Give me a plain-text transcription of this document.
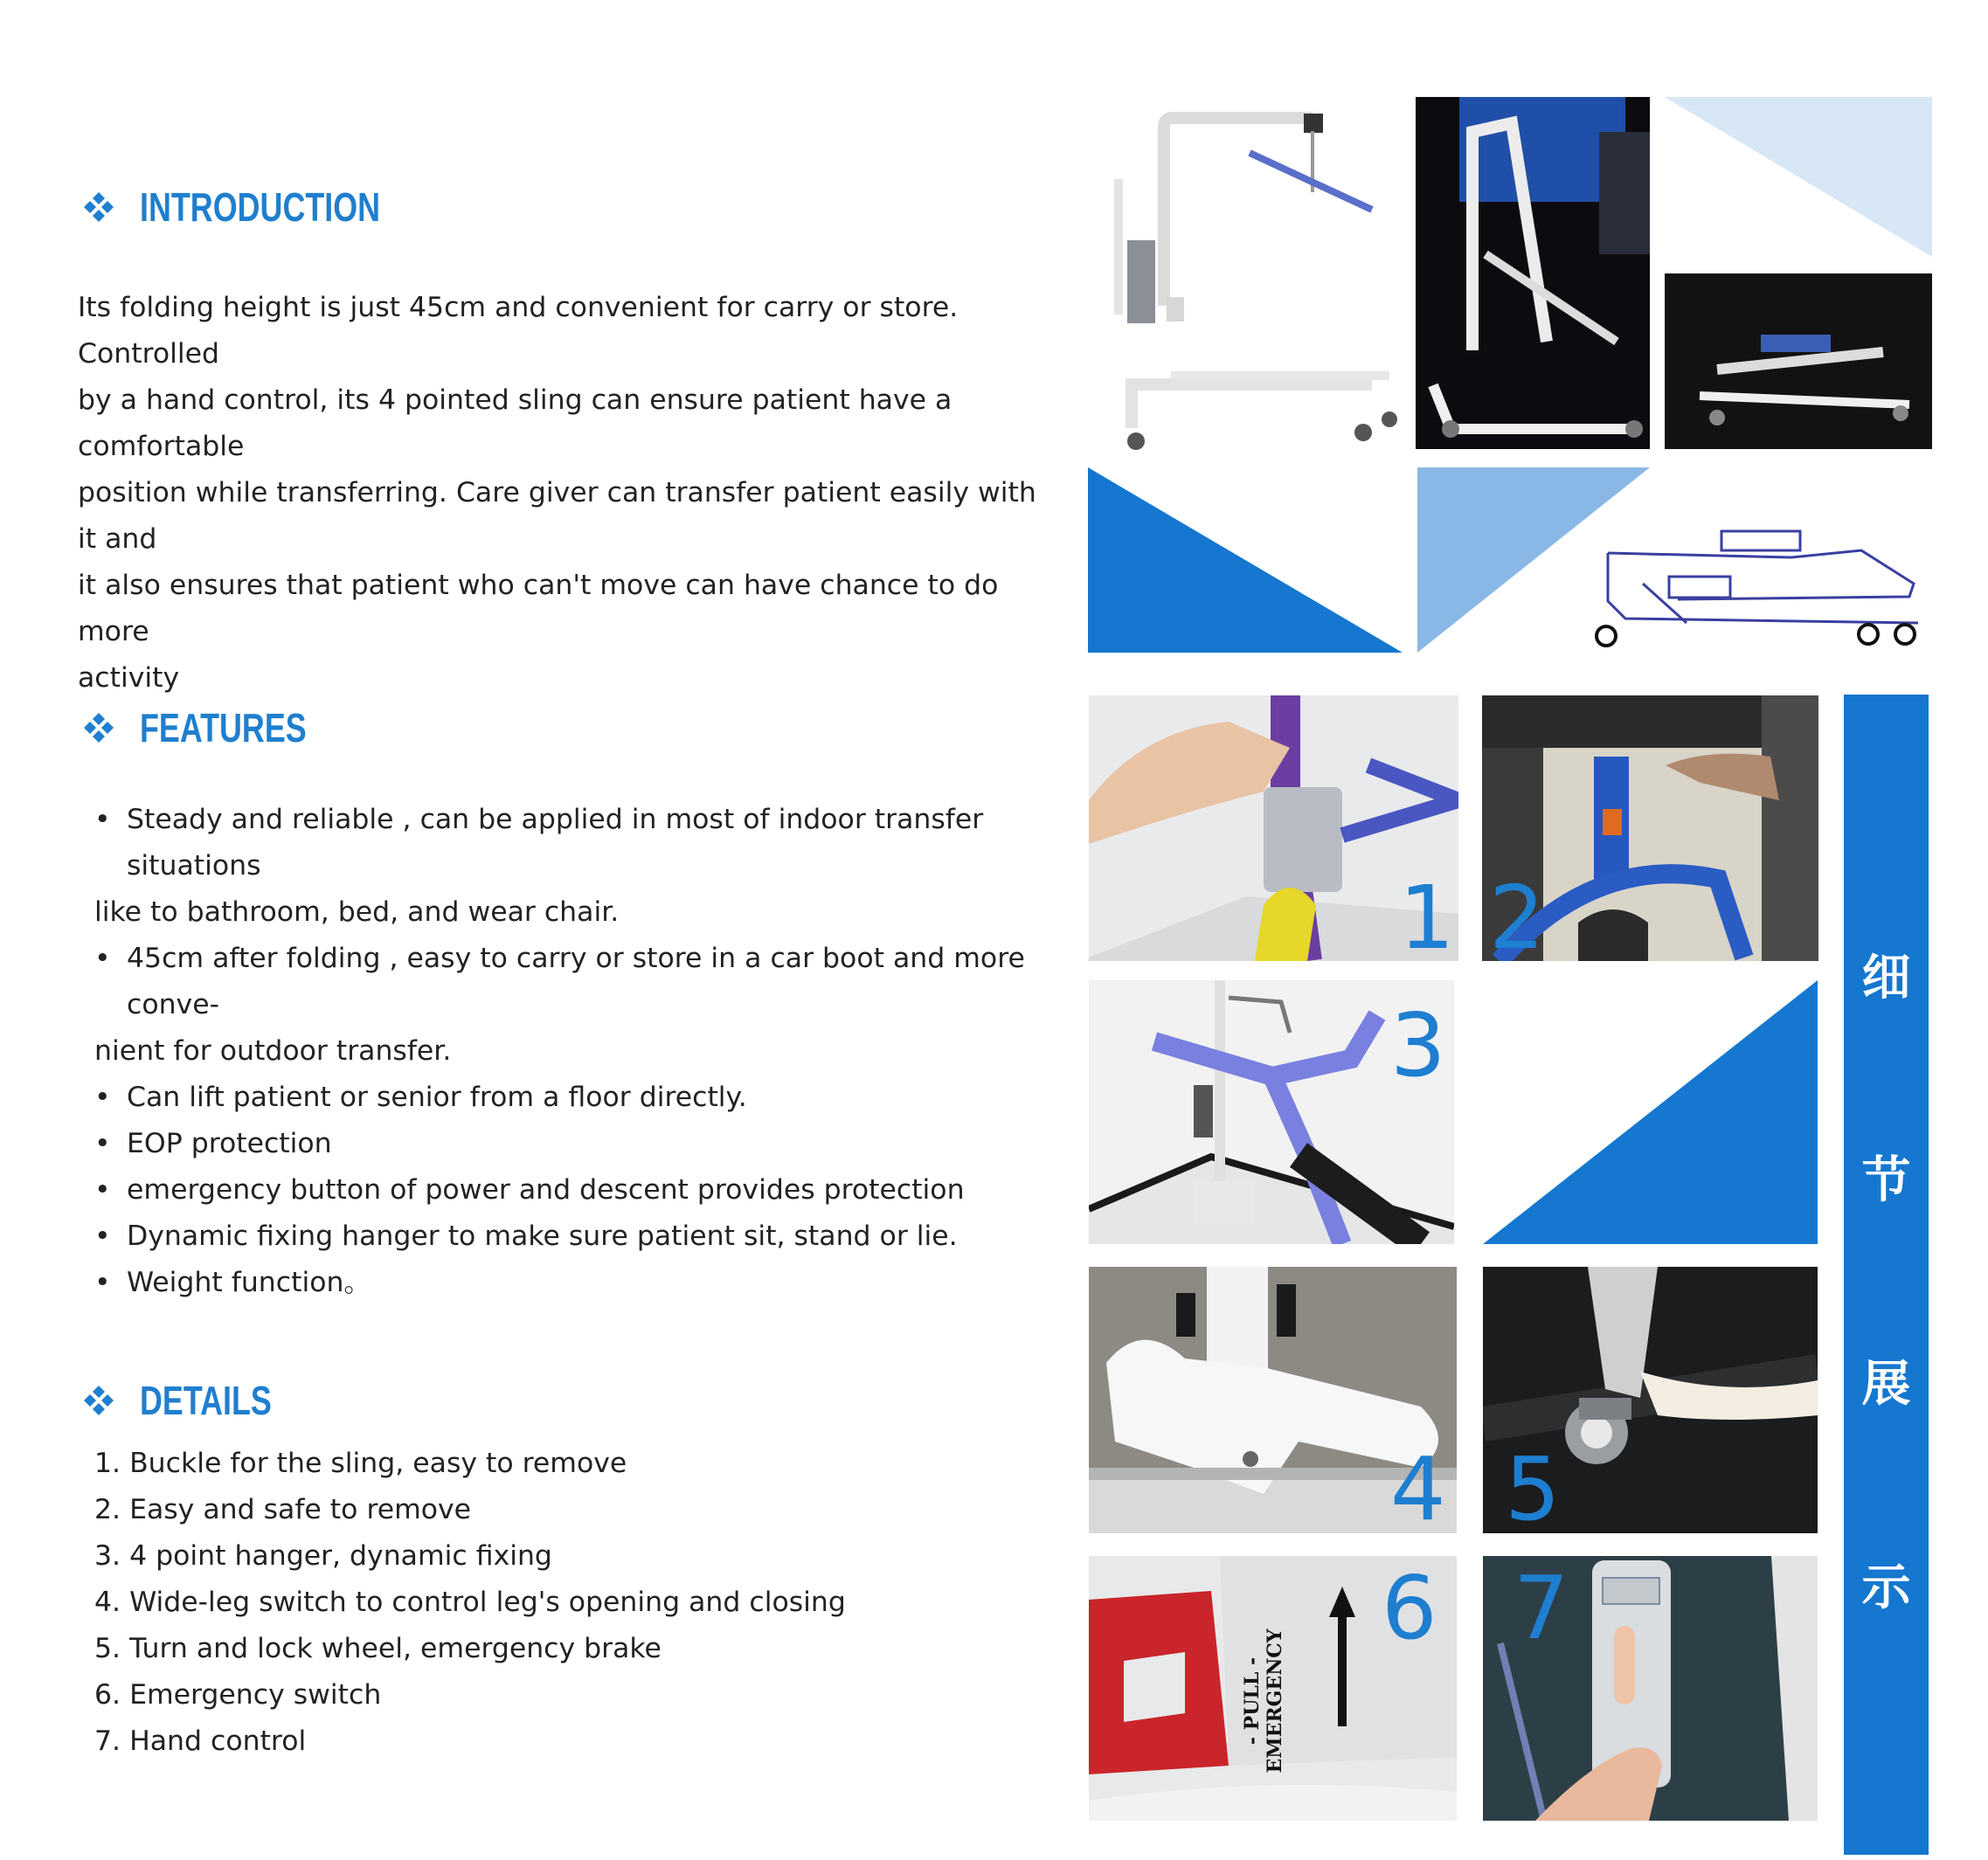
INTRODUCTION
Its folding height is just 45cm and convenient for carry or store. Controlled
by a hand control, its 4 pointed sling can ensure patient have a comfortable
position while transferring. Care giver can transfer patient easily with it and
it also ensures that patient who can't move can have chance to do more
activity
FEATURES
• Steady and reliable , can be applied in most of indoor transfer situations
like to bathroom, bed, and wear chair.
• 45cm after folding , easy to carry or store in a car boot and more conve-
nient for outdoor transfer.
• Can lift patient or senior from a floor directly.
• EOP protection
• emergency button of power and descent provides protection
• Dynamic fixing hanger to make sure patient sit, stand or lie.
• Weight function。
DETAILS
1. Buckle for the sling, easy to remove
2. Easy and safe to remove
3. 4 point hanger, dynamic fixing
4. Wide-leg switch to control leg's opening and closing
5. Turn and lock wheel, emergency brake
6. Emergency switch
7. Hand control
1 2
3
4 5
- PULL - EMERGENCY
6 7
细
节
展
示
